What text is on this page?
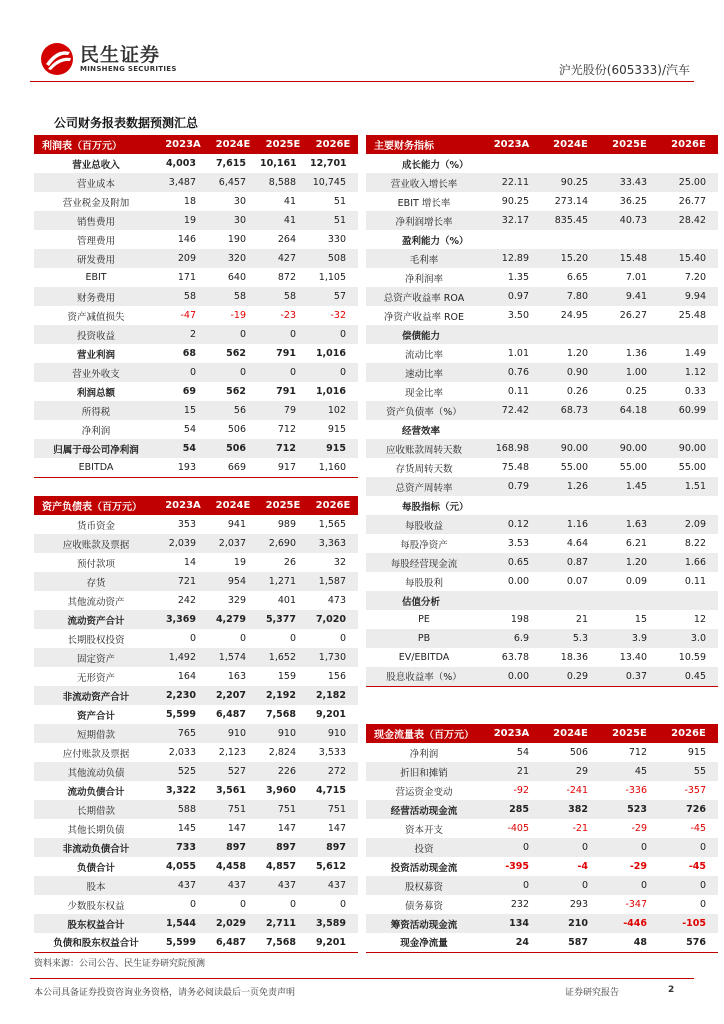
民生证券
MINSHENG SECURITIES	沪光股份(605333)/汽车
公司财务报表数据预测汇总
利润表（百万元）	2023A	2024E	2025E	2026E
营业总收入	4,003	7,615	10,161	12,701
营业成本	3,487	6,457	8,588	10,745
营业税金及附加	18	30	41	51
销售费用	19	30	41	51
管理费用	146	190	264	330
研发费用	209	320	427	508
EBIT	171	640	872	1,105
财务费用	58	58	58	57
资产减值损失	-47	-19	-23	-32
投资收益	2	0	0	0
营业利润	68	562	791	1,016
营业外收支	0	0	0	0
利润总额	69	562	791	1,016
所得税	15	56	79	102
净利润	54	506	712	915
归属于母公司净利润	54	506	712	915
EBITDA	193	669	917	1,160
资产负债表（百万元）	2023A	2024E	2025E	2026E
货币资金	353	941	989	1,565
应收账款及票据	2,039	2,037	2,690	3,363
预付款项	14	19	26	32
存货	721	954	1,271	1,587
其他流动资产	242	329	401	473
流动资产合计	3,369	4,279	5,377	7,020
长期股权投资	0	0	0	0
固定资产	1,492	1,574	1,652	1,730
无形资产	164	163	159	156
非流动资产合计	2,230	2,207	2,192	2,182
资产合计	5,599	6,487	7,568	9,201
短期借款	765	910	910	910
应付账款及票据	2,033	2,123	2,824	3,533
其他流动负债	525	527	226	272
流动负债合计	3,322	3,561	3,960	4,715
长期借款	588	751	751	751
其他长期负债	145	147	147	147
非流动负债合计	733	897	897	897
负债合计	4,055	4,458	4,857	5,612
股本	437	437	437	437
少数股东权益	0	0	0	0
股东权益合计	1,544	2,029	2,711	3,589
负债和股东权益合计	5,599	6,487	7,568	9,201
主要财务指标	2023A	2024E	2025E	2026E
成长能力（%）				
营业收入增长率	22.11	90.25	33.43	25.00
EBIT 增长率	90.25	273.14	36.25	26.77
净利润增长率	32.17	835.45	40.73	28.42
盈利能力（%）				
毛利率	12.89	15.20	15.48	15.40
净利润率	1.35	6.65	7.01	7.20
总资产收益率 ROA	0.97	7.80	9.41	9.94
净资产收益率 ROE	3.50	24.95	26.27	25.48
偿债能力				
流动比率	1.01	1.20	1.36	1.49
速动比率	0.76	0.90	1.00	1.12
现金比率	0.11	0.26	0.25	0.33
资产负债率（%）	72.42	68.73	64.18	60.99
经营效率				
应收账款周转天数	168.98	90.00	90.00	90.00
存货周转天数	75.48	55.00	55.00	55.00
总资产周转率	0.79	1.26	1.45	1.51
每股指标（元）				
每股收益	0.12	1.16	1.63	2.09
每股净资产	3.53	4.64	6.21	8.22
每股经营现金流	0.65	0.87	1.20	1.66
每股股利	0.00	0.07	0.09	0.11
估值分析				
PE	198	21	15	12
PB	6.9	5.3	3.9	3.0
EV/EBITDA	63.78	18.36	13.40	10.59
股息收益率（%）	0.00	0.29	0.37	0.45
现金流量表（百万元）	2023A	2024E	2025E	2026E
净利润	54	506	712	915
折旧和摊销	21	29	45	55
营运资金变动	-92	-241	-336	-357
经营活动现金流	285	382	523	726
资本开支	-405	-21	-29	-45
投资	0	0	0	0
投资活动现金流	-395	-4	-29	-45
股权募资	0	0	0	0
债务募资	232	293	-347	0
筹资活动现金流	134	210	-446	-105
现金净流量	24	587	48	576
资料来源：公司公告、民生证券研究院预测
本公司具备证券投资咨询业务资格，请务必阅读最后一页免责声明	证券研究报告	2
